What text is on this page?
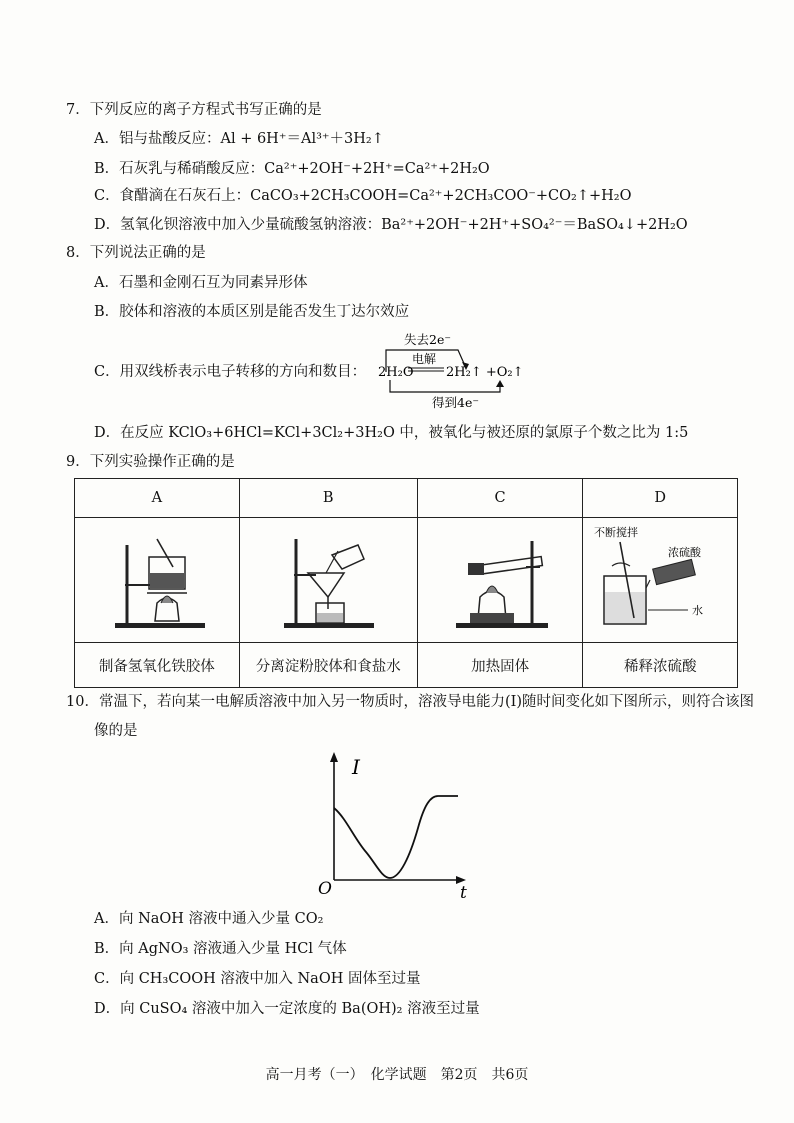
7．下列反应的离子方程式书写正确的是
A．铝与盐酸反应：Al + 6H⁺＝Al³⁺＋3H₂↑
B．石灰乳与稀硝酸反应：Ca²⁺+2OH⁻+2H⁺=Ca²⁺+2H₂O
C．食醋滴在石灰石上：CaCO₃+2CH₃COOH=Ca²⁺+2CH₃COO⁻+CO₂↑+H₂O
D．氢氧化钡溶液中加入少量硫酸氢钠溶液：Ba²⁺+2OH⁻+2H⁺+SO₄²⁻＝BaSO₄↓+2H₂O
8．下列说法正确的是
A．石墨和金刚石互为同素异形体
B．胶体和溶液的本质区别是能否发生丁达尔效应
C．用双线桥表示电子转移的方向和数目：
失去2e⁻
电解
2H₂O	2H₂↑ +O₂↑
得到4e⁻
D．在反应 KClO₃+6HCl=KCl+3Cl₂+3H₂O 中，被氧化与被还原的氯原子个数之比为 1:5
9．下列实验操作正确的是
A	B	C	D

不断搅拌
浓硫酸
水

制备氢氧化铁胶体	分离淀粉胶体和食盐水	加热固体	稀释浓硫酸
10．常温下，若向某一电解质溶液中加入另一物质时，溶液导电能力(I)随时间变化如下图所示，则符合该图
像的是
I
t
O
A．向 NaOH 溶液中通入少量 CO₂
B．向 AgNO₃ 溶液通入少量 HCl 气体
C．向 CH₃COOH 溶液中加入 NaOH 固体至过量
D．向 CuSO₄ 溶液中加入一定浓度的 Ba(OH)₂ 溶液至过量
高一月考（一）　化学试题　第2页　共6页
